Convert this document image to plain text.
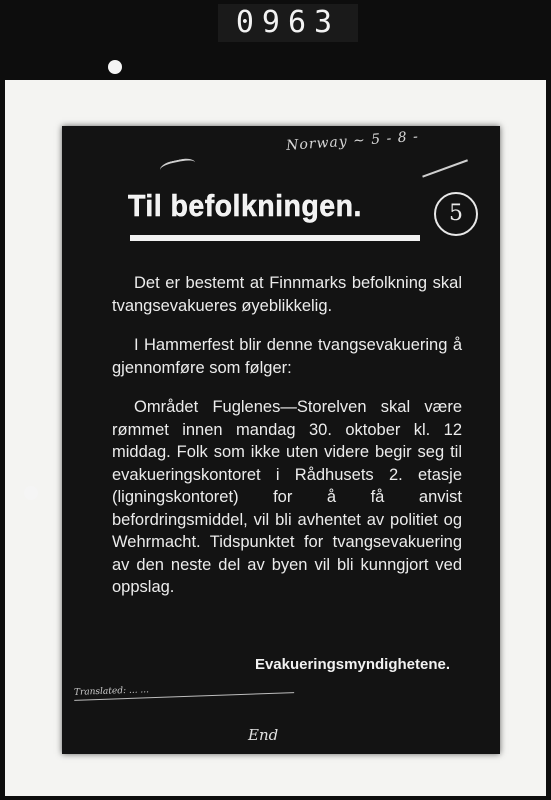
0963
Norway ~ 5 - 8 -
Til befolkningen.	5

Det er bestemt at Finnmarks befolkning skal tvangsevakueres øyeblikkelig.

I Hammerfest blir denne tvangsevakuering å gjennomføre som følger:

Området Fuglenes—Storelven skal være rømmet innen mandag 30. oktober kl. 12 middag. Folk som ikke uten videre begir seg til evakueringskontoret i Rådhusets 2. etasje (ligningskontoret) for å få anvist befordringsmiddel, vil bli avhentet av politiet og Wehrmacht. Tidspunktet for tvangsevakuering av den neste del av byen vil bli kunngjort ved oppslag.

Evakueringsmyndighetene.
Translated: ... ...
End
